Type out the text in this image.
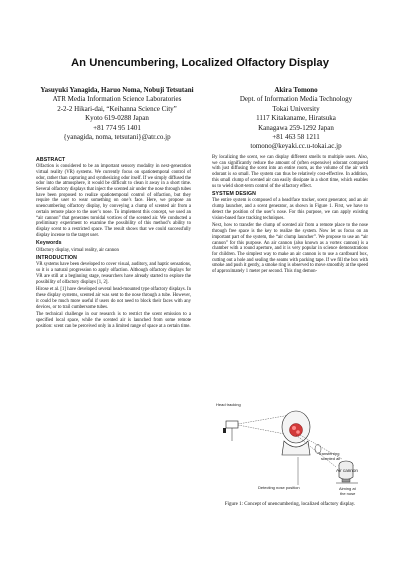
An Unencumbering, Localized Olfactory Display
Yasuyuki Yanagida, Haruo Noma, Nobuji Tetsutani
ATR Media Information Science Laboratories
2-2-2 Hikari-dai, “Keihanna Science City”
Kyoto 619-0288 Japan
+81 774 95 1401
{yanagida, noma, tetsutani}@atr.co.jp
Akira Tomono
Dept. of Information Media Technology
Tokai University
1117 Kitakaname, Hiratsuka
Kanagawa 259-1292 Japan
+81 463 58 1211
tomono@keyaki.cc.u-tokai.ac.jp
ABSTRACT

Olfaction is considered to be an important sensory modality in next-generation virtual reality (VR) systems. We currently focus on spatiotemporal control of odor, rather than capturing and synthesizing odor itself. If we simply diffused the odor into the atmosphere, it would be difficult to clean it away in a short time. Several olfactory displays that inject the scented air under the nose through tubes have been proposed to realize spatiotemporal control of olfaction, but they require the user to wear something on one’s face. Here, we propose an unencumbering olfactory display, by conveying a clump of scented air from a certain remote place to the user’s nose. To implement this concept, we used an “air cannon” that generates toroidal vortices of the scented air. We conducted a preliminary experiment to examine the possibility of this method’s ability to display scent to a restricted space. The result shows that we could successfully display incense to the target user.

Keywords

Olfactory display, virtual reality, air cannon

INTRODUCTION

VR systems have been developed to cover visual, auditory, and haptic sensations, so it is a natural progression to apply olfaction. Although olfactory displays for VR are still at a beginning stage, researchers have already started to explore the possibility of olfactory displays [1, 2].

Hirose et al. [1] have developed several head-mounted type olfactory displays. In these display systems, scented air was sent to the nose through a tube. However, it could be much more useful if users do not need to block their faces with any devices, or to trail cumbersome tubes.

The technical challenge in our research is to restrict the scent emission to a specified local space, while the scented air is launched from some remote position: scent can be perceived only in a limited range of space at a certain time.

By localizing the scent, we can display different smells to multiple users. Also, we can significantly reduce the amount of (often expensive) odorant compared with just diffusing the scent into an entire room, as the volume of the air with odorant is so small. The system can thus be relatively cost-effective. In addition, this small clump of scented air can easily dissipate in a short time, which enables us to wield short-term control of the olfactory effect.

SYSTEM DESIGN

The entire system is composed of a head/face tracker, scent generator, and an air clump launcher, and a scent generator, as shown in Figure 1. First, we have to detect the position of the user’s nose. For this purpose, we can apply existing vision-based face tracking techniques.

Next, how to transfer the clump of scented air from a remote place to the nose through free space is the key to realize the system. Now let us focus on an important part of the system, the “air clump launcher”. We propose to use an “air cannon” for this purpose. An air cannon (also known as a vortex cannon) is a chamber with a round aperture, and it is very popular in science demonstrations for children. The simplest way to make an air cannon is to use a cardboard box, cutting out a hole and sealing the seams with packing tape. If we fill the box with smoke and push it gently, a smoke ring is observed to move smoothly at the speed of approximately 1 meter per second. This ring demon-

Head tracking
Transferring scented air
Air cannon
Detecting nose position	Aiming at the nose
Figure 1: Concept of unencumbering, localized olfactory display.
